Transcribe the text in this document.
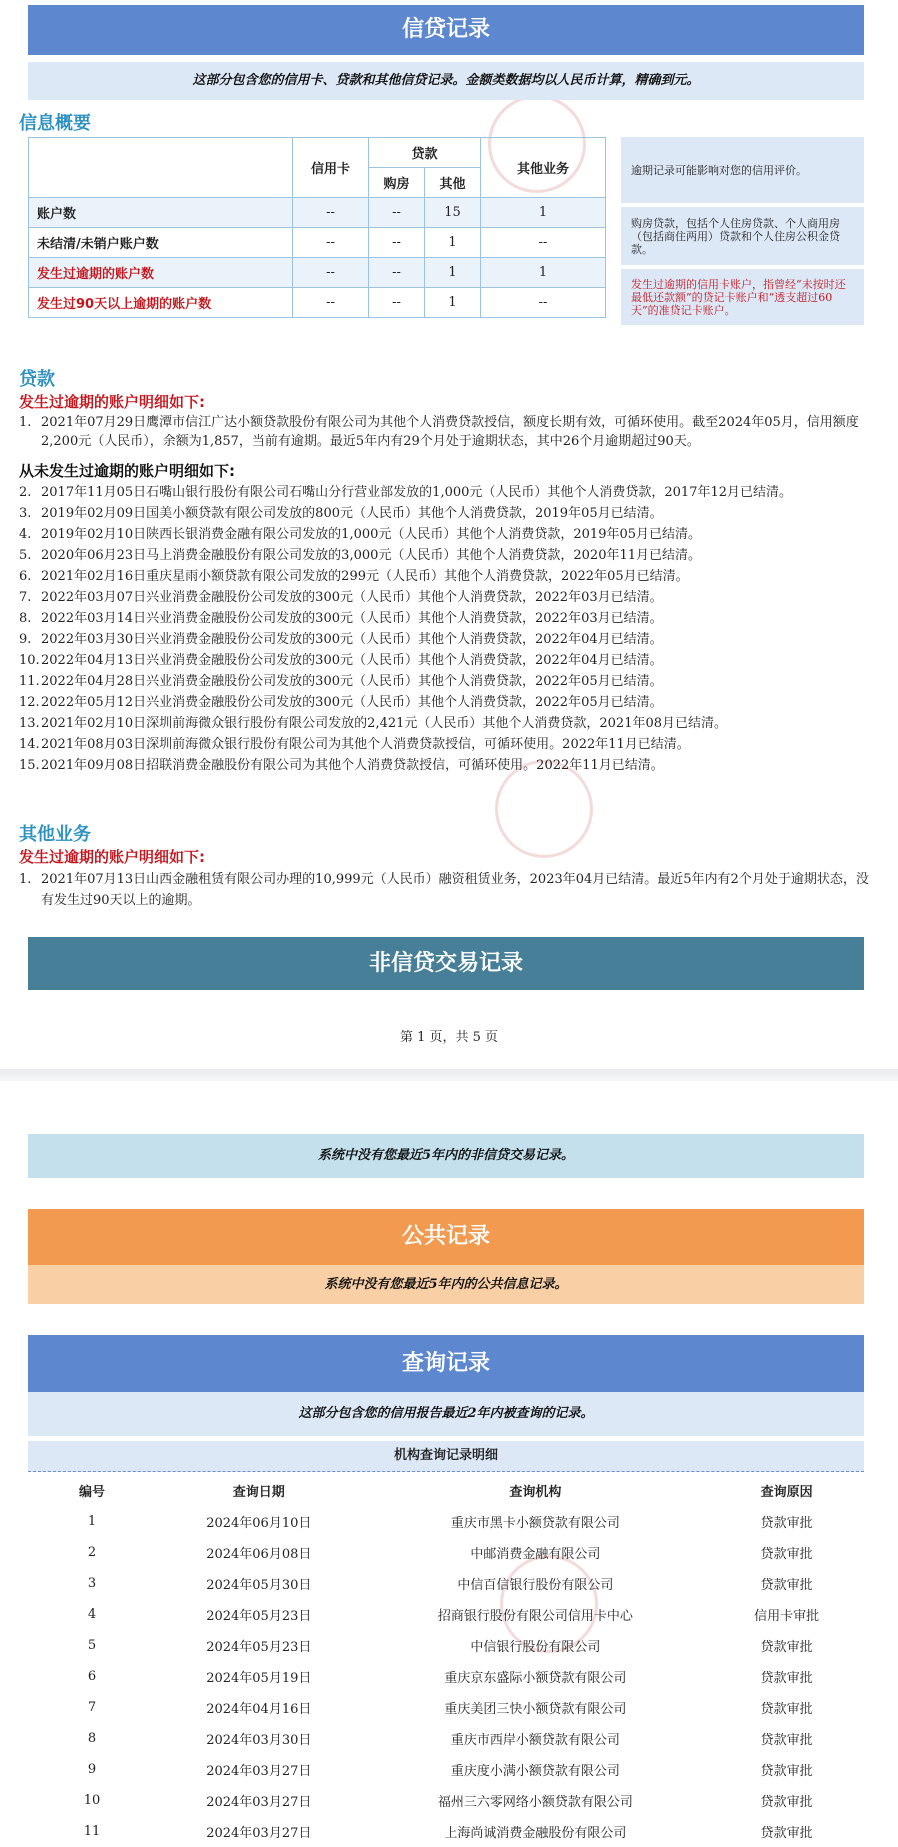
信贷记录
这部分包含您的信用卡、贷款和其他信贷记录。金额类数据均以人民币计算，精确到元。
信息概要
	信用卡	贷款		其他业务
		购房	其他	
账户数	--	--	15	1
未结清/未销户账户数	--	--	1	--
发生过逾期的账户数	--	--	1	1
发生过90天以上逾期的账户数	--	--	1	--
逾期记录可能影响对您的信用评价。
购房贷款，包括个人住房贷款、个人商用房（包括商住两用）贷款和个人住房公积金贷款。
发生过逾期的信用卡账户，指曾经“未按时还最低还款额”的贷记卡账户和“透支超过60天”的准贷记卡账户。
贷款
发生过逾期的账户明细如下:
1. 2021年07月29日鹰潭市信江广达小额贷款股份有限公司为其他个人消费贷款授信，额度长期有效，可循环使用。截至2024年05月，信用额度2,200元（人民币），余额为1,857，当前有逾期。最近5年内有29个月处于逾期状态，其中26个月逾期超过90天。
从未发生过逾期的账户明细如下:
2. 2017年11月05日石嘴山银行股份有限公司石嘴山分行营业部发放的1,000元（人民币）其他个人消费贷款，2017年12月已结清。
3. 2019年02月09日国美小额贷款有限公司发放的800元（人民币）其他个人消费贷款，2019年05月已结清。
4. 2019年02月10日陕西长银消费金融有限公司发放的1,000元（人民币）其他个人消费贷款，2019年05月已结清。
5. 2020年06月23日马上消费金融股份有限公司发放的3,000元（人民币）其他个人消费贷款，2020年11月已结清。
6. 2021年02月16日重庆星雨小额贷款有限公司发放的299元（人民币）其他个人消费贷款，2022年05月已结清。
7. 2022年03月07日兴业消费金融股份公司发放的300元（人民币）其他个人消费贷款，2022年03月已结清。
8. 2022年03月14日兴业消费金融股份公司发放的300元（人民币）其他个人消费贷款，2022年03月已结清。
9. 2022年03月30日兴业消费金融股份公司发放的300元（人民币）其他个人消费贷款，2022年04月已结清。
10. 2022年04月13日兴业消费金融股份公司发放的300元（人民币）其他个人消费贷款，2022年04月已结清。
11. 2022年04月28日兴业消费金融股份公司发放的300元（人民币）其他个人消费贷款，2022年05月已结清。
12. 2022年05月12日兴业消费金融股份公司发放的300元（人民币）其他个人消费贷款，2022年05月已结清。
13. 2021年02月10日深圳前海微众银行股份有限公司发放的2,421元（人民币）其他个人消费贷款，2021年08月已结清。
14. 2021年08月03日深圳前海微众银行股份有限公司为其他个人消费贷款授信，可循环使用。2022年11月已结清。
15. 2021年09月08日招联消费金融股份有限公司为其他个人消费贷款授信，可循环使用。2022年11月已结清。
其他业务
发生过逾期的账户明细如下:
1. 2021年07月13日山西金融租赁有限公司办理的10,999元（人民币）融资租赁业务，2023年04月已结清。最近5年内有2个月处于逾期状态，没有发生过90天以上的逾期。
非信贷交易记录
第 1 页，共 5 页
系统中没有您最近5年内的非信贷交易记录。
公共记录
系统中没有您最近5年内的公共信息记录。
查询记录
这部分包含您的信用报告最近2年内被查询的记录。
机构查询记录明细
编号	查询日期	查询机构	查询原因
1	2024年06月10日	重庆市黑卡小额贷款有限公司	贷款审批
2	2024年06月08日	中邮消费金融有限公司	贷款审批
3	2024年05月30日	中信百信银行股份有限公司	贷款审批
4	2024年05月23日	招商银行股份有限公司信用卡中心	信用卡审批
5	2024年05月23日	中信银行股份有限公司	贷款审批
6	2024年05月19日	重庆京东盛际小额贷款有限公司	贷款审批
7	2024年04月16日	重庆美团三快小额贷款有限公司	贷款审批
8	2024年03月30日	重庆市西岸小额贷款有限公司	贷款审批
9	2024年03月27日	重庆度小满小额贷款有限公司	贷款审批
10	2024年03月27日	福州三六零网络小额贷款有限公司	贷款审批
11	2024年03月27日	上海尚诚消费金融股份有限公司	贷款审批
